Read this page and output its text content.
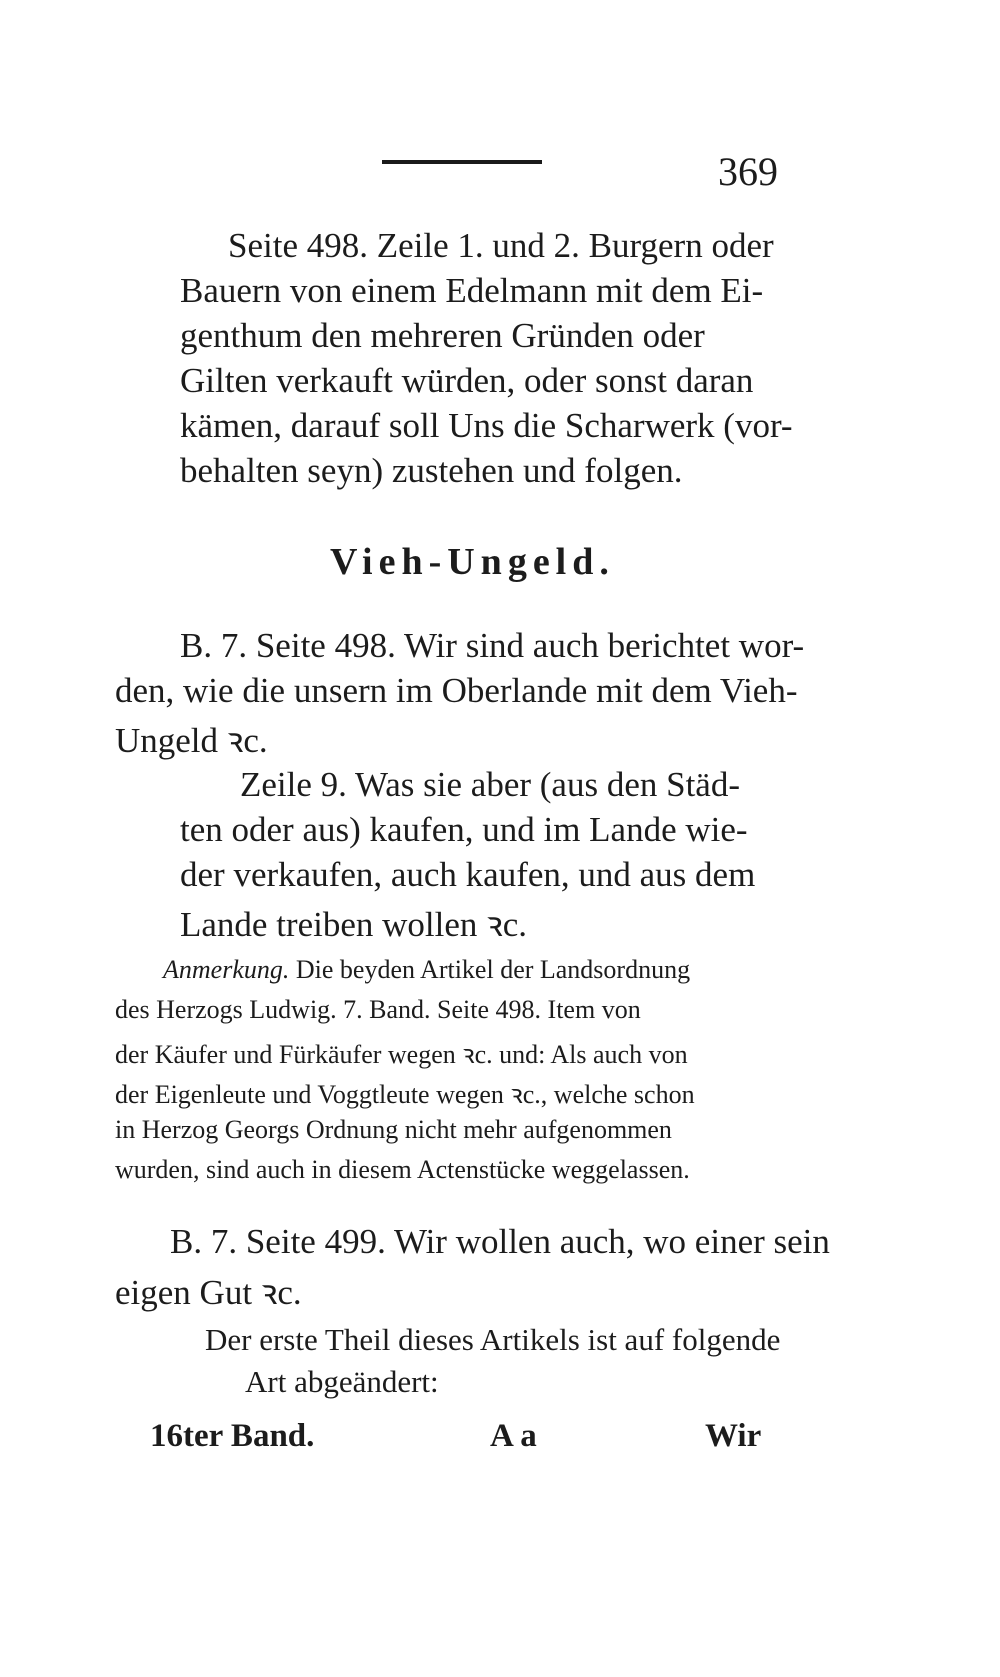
369
Seite 498. Zeile 1. und 2. Burgern oder
Bauern von einem Edelmann mit dem Ei-
genthum den mehreren Gründen oder
Gilten verkauft würden, oder sonst daran
kämen, darauf soll Uns die Scharwerk (vor-
behalten seyn) zustehen und folgen.
Vieh-Ungeld.
B. 7. Seite 498. Wir sind auch berichtet wor-
den, wie die unsern im Oberlande mit dem Vieh-
Ungeld ꝛc.
Zeile 9. Was sie aber (aus den Städ-
ten oder aus) kaufen, und im Lande wie-
der verkaufen, auch kaufen, und aus dem
Lande treiben wollen ꝛc.
Anmerkung. Die beyden Artikel der Landsordnung
des Herzogs Ludwig. 7. Band. Seite 498. Item von
der Käufer und Fürkäufer wegen ꝛc. und: Als auch von
der Eigenleute und Voggtleute wegen ꝛc., welche schon
in Herzog Georgs Ordnung nicht mehr aufgenommen
wurden, sind auch in diesem Actenstücke weggelassen.
B. 7. Seite 499. Wir wollen auch, wo einer sein
eigen Gut ꝛc.
Der erste Theil dieses Artikels ist auf folgende
Art abgeändert:
16ter Band.	A a	Wir
